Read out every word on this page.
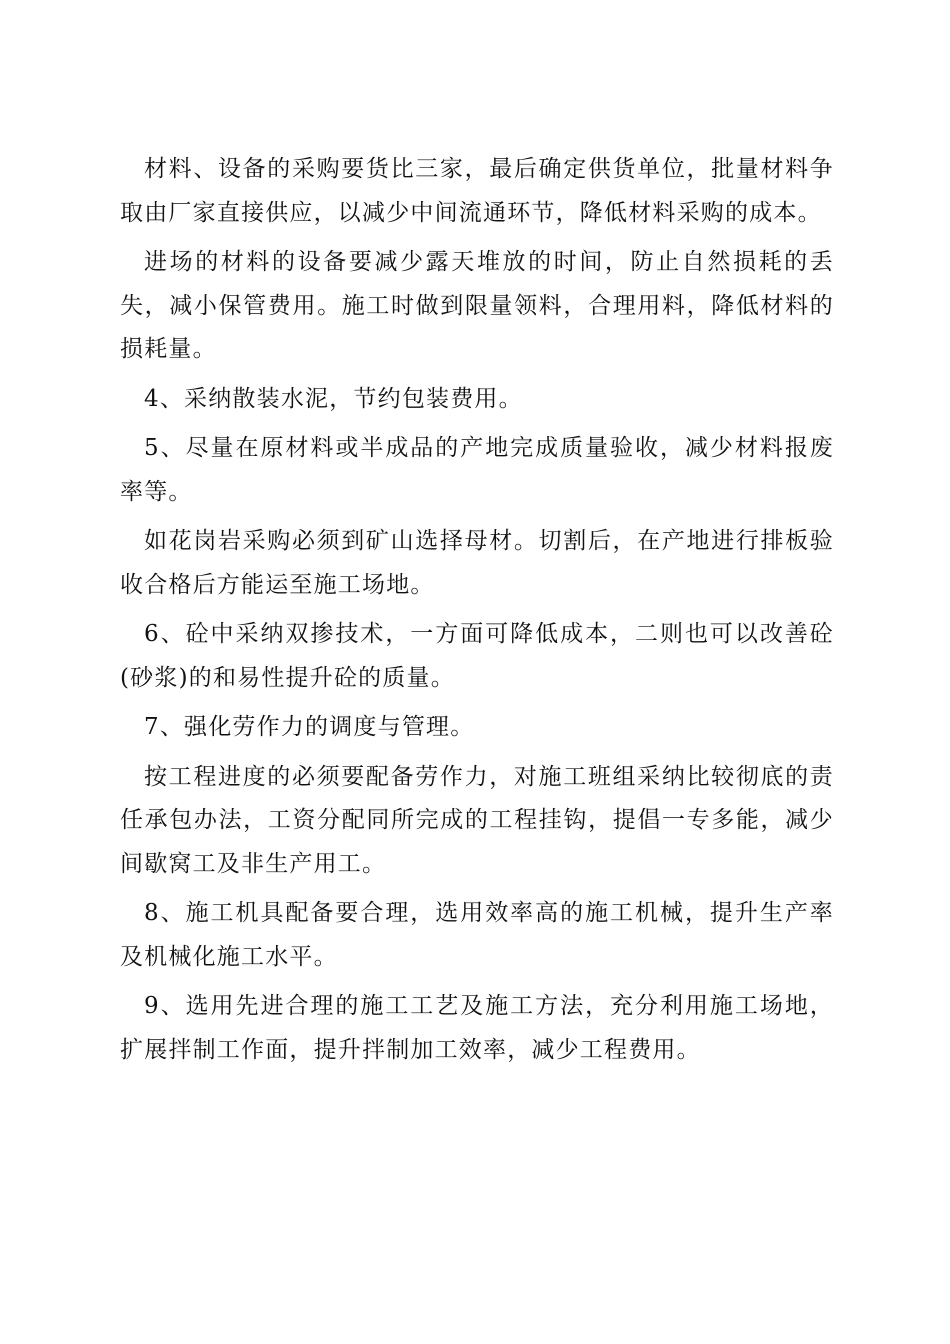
材料、设备的采购要货比三家，最后确定供货单位，批量材料争取由厂家直接供应，以减少中间流通环节，降低材料采购的成本。

进场的材料的设备要减少露天堆放的时间，防止自然损耗的丢失，减小保管费用。施工时做到限量领料，合理用料，降低材料的损耗量。

4、采纳散装水泥，节约包装费用。

5、尽量在原材料或半成品的产地完成质量验收，减少材料报废率等。

如花岗岩采购必须到矿山选择母材。切割后，在产地进行排板验收合格后方能运至施工场地。

6、砼中采纳双掺技术，一方面可降低成本，二则也可以改善砼(砂浆)的和易性提升砼的质量。

7、强化劳作力的调度与管理。

按工程进度的必须要配备劳作力，对施工班组采纳比较彻底的责任承包办法，工资分配同所完成的工程挂钩，提倡一专多能，减少间歇窝工及非生产用工。

8、施工机具配备要合理，选用效率高的施工机械，提升生产率及机械化施工水平。

9、选用先进合理的施工工艺及施工方法，充分利用施工场地，扩展拌制工作面，提升拌制加工效率，减少工程费用。
